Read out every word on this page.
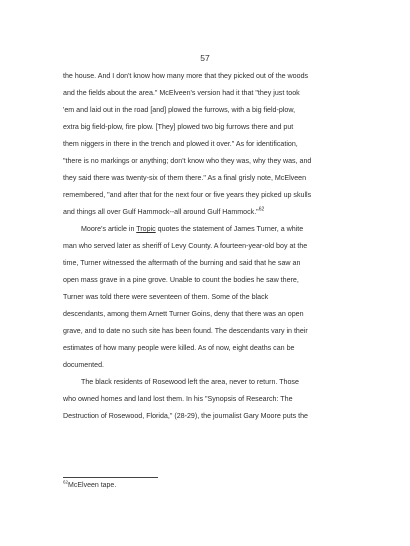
57
the house. And I don't know how many more that they picked out of the woods
and the fields about the area." McElveen's version had it that "they just took
'em and laid out in the road [and] plowed the furrows, with a big field-plow,
extra big field-plow, fire plow. [They] plowed two big furrows there and put
them niggers in there in the trench and plowed it over." As for identification,
"there is no markings or anything; don't know who they was, why they was, and
they said there was twenty-six of them there." As a final grisly note, McElveen
remembered, "and after that for the next four or five years they picked up skulls
and things all over Gulf Hammock--all around Gulf Hammock."$^{62}$
Moore's article in Tropic quotes the statement of James Turner, a white
man who served later as sheriff of Levy County. A fourteen-year-old boy at the
time, Turner witnessed the aftermath of the burning and said that he saw an
open mass grave in a pine grove. Unable to count the bodies he saw there,
Turner was told there were seventeen of them. Some of the black
descendants, among them Arnett Turner Goins, deny that there was an open
grave, and to date no such site has been found. The descendants vary in their
estimates of how many people were killed. As of now, eight deaths can be
documented.
The black residents of Rosewood left the area, never to return. Those
who owned homes and land lost them. In his "Synopsis of Research: The
Destruction of Rosewood, Florida," (28-29), the journalist Gary Moore puts the
$^{62}$McElveen tape.
